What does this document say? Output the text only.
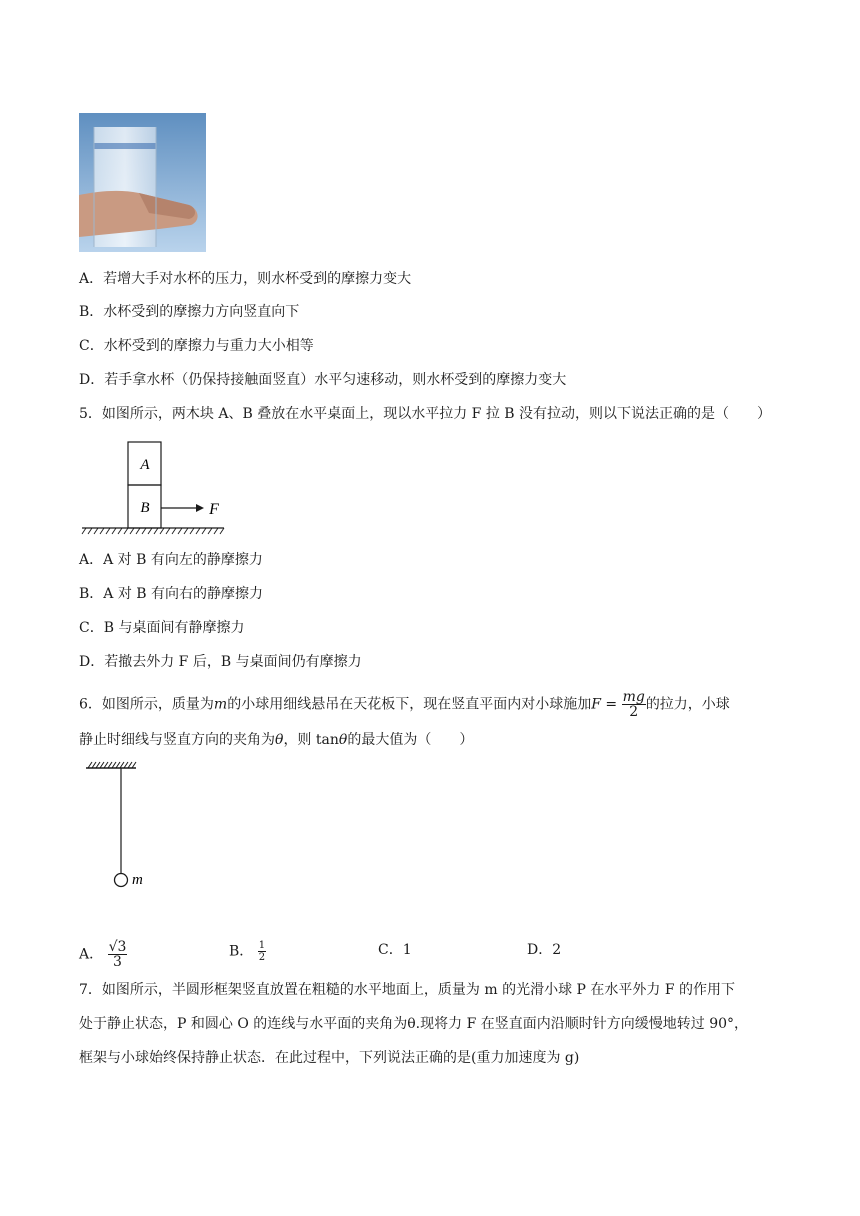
A．若增大手对水杯的压力，则水杯受到的摩擦力变大
B．水杯受到的摩擦力方向竖直向下
C．水杯受到的摩擦力与重力大小相等
D．若手拿水杯（仍保持接触面竖直）水平匀速移动，则水杯受到的摩擦力变大
5．如图所示，两木块 A、B 叠放在水平桌面上，现以水平拉力 F 拉 B 没有拉动，则以下说法正确的是（　　）
A
B	F
A．A 对 B 有向左的静摩擦力
B．A 对 B 有向右的静摩擦力
C．B 与桌面间有静摩擦力
D．若撤去外力 F 后，B 与桌面间仍有摩擦力
6．如图所示，质量为m的小球用细线悬吊在天花板下，现在竖直平面内对小球施加$F = \frac{mg}{2}$ 的拉力，小球
静止时细线与竖直方向的夹角为θ，则 tanθ的最大值为（　　）
m
A． $\frac{√3}{3}$	B． $\frac{1}{2}$	C．1	D．2
7．如图所示，半圆形框架竖直放置在粗糙的水平地面上，质量为 m 的光滑小球 P 在水平外力 F 的作用下
处于静止状态，P 和圆心 O 的连线与水平面的夹角为θ.现将力 F 在竖直面内沿顺时针方向缓慢地转过 90°，
框架与小球始终保持静止状态．在此过程中，下列说法正确的是(重力加速度为 g)
